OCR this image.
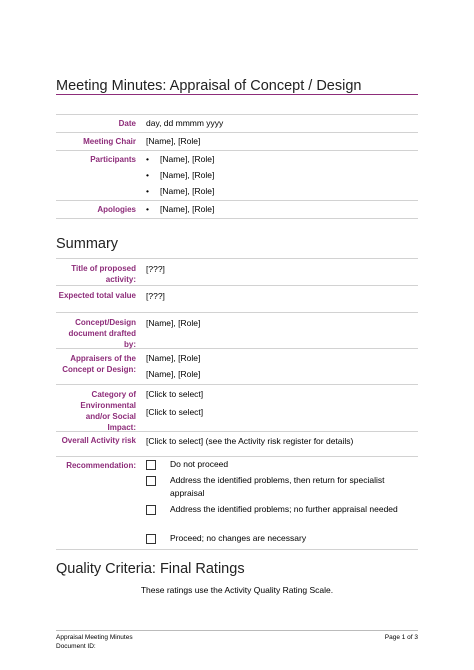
Meeting Minutes: Appraisal of Concept / Design
Date day, dd mmmm yyyy
Meeting Chair [Name], [Role]
Participants • [Name], [Role]
• [Name], [Role]
• [Name], [Role]
Apologies • [Name], [Role]
Summary
Title of proposed activity:
[???]
Expected total value [???]
Concept/Design document drafted by:
[Name], [Role]
Appraisers of the Concept or Design:
[Name], [Role]
[Name], [Role]
Category of Environmental and/or Social Impact:
[Click to select]
[Click to select]
Overall Activity risk [Click to select] (see the Activity risk register for details)
Recommendation:	Do not proceed
Address the identified problems, then return for specialist appraisal
Address the identified problems; no further appraisal needed
Proceed; no changes are necessary
Quality Criteria: Final Ratings
These ratings use the Activity Quality Rating Scale.
Appraisal Meeting Minutes
Document ID:
Page 1 of 3
